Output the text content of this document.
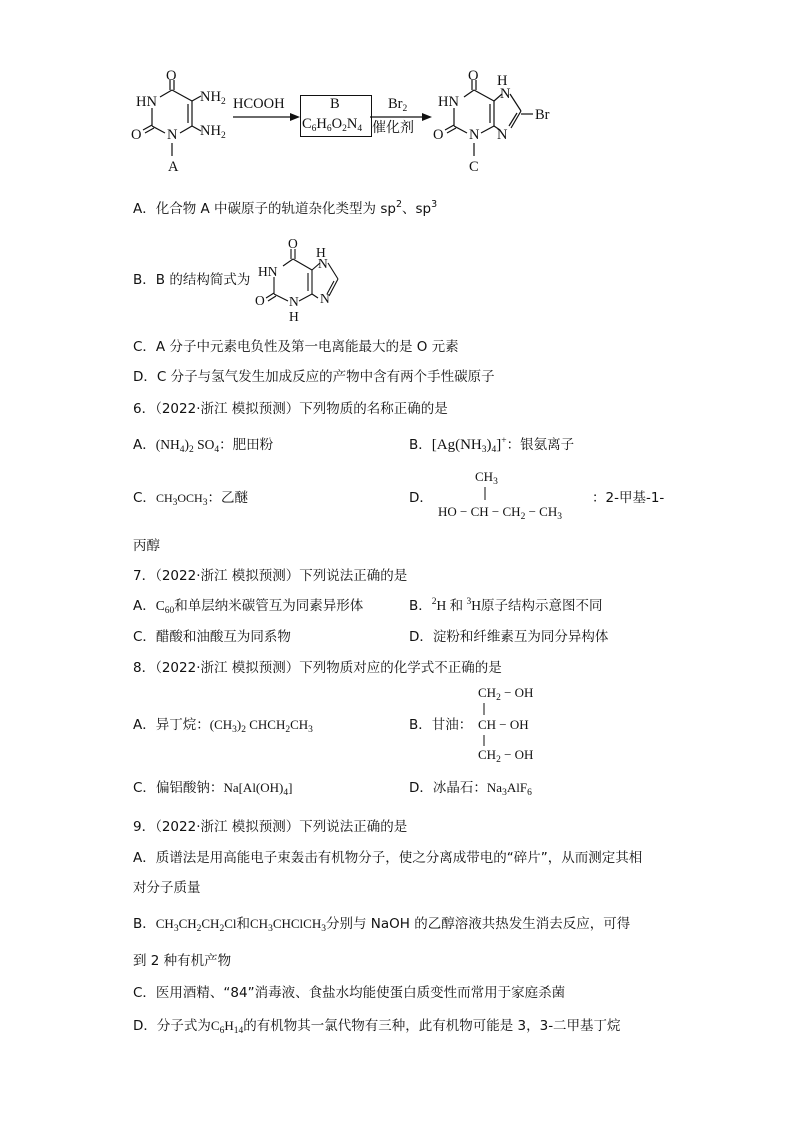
O
HN
O N
$NH_2$
$NH_2$
A
HCOOH	B
$C_6H_6O_2N_4$
$Br_2$
催化剂
O H
N
HN
Br
O N N
C
A．化合物 A 中碳原子的轨道杂化类型为 $sp^2$、$sp^3$
B．B 的结构简式为
O
H
N
HN
O N
H
N
C．A 分子中元素电负性及第一电离能最大的是 O 元素
D．C 分子与氢气发生加成反应的产物中含有两个手性碳原子
6．（2022·浙江 模拟预测）下列物质的名称正确的是
A．$(NH_4)_2$ $SO_4$：肥田粉	B．$[Ag(NH_3)_4]^+$：银氨离子
C．$CH_3OCH_3$：乙醚	D．
$CH_3$
HO − CH − $CH_2 - CH_3$
：2-甲基-1-
丙醇
7．（2022·浙江 模拟预测）下列说法正确的是
A．$C_{60}$和单层纳米碳管互为同素异形体	B．$^2$H 和 $^3$H原子结构示意图不同
C．醋酸和油酸互为同系物	D．淀粉和纤维素互为同分异构体
8．（2022·浙江 模拟预测）下列物质对应的化学式不正确的是
A．异丁烷：$(CH_3)_2$ $CHCH_2CH_3$	B．甘油：
$CH_2$ − OH
CH − OH
$CH_2$ − OH
C．偏铝酸钠：$Na[Al(OH)_4]$	D．冰晶石：$Na_3AlF_6$
9．（2022·浙江 模拟预测）下列说法正确的是
A．质谱法是用高能电子束轰击有机物分子，使之分离成带电的“碎片”，从而测定其相
对分子质量
B．$CH_3CH_2CH_2Cl$和$CH_3CHClCH_3$分别与 NaOH 的乙醇溶液共热发生消去反应，可得
到 2 种有机产物
C．医用酒精、“84”消毒液、食盐水均能使蛋白质变性而常用于家庭杀菌
D．分子式为$C_6H_{14}$的有机物其一氯代物有三种，此有机物可能是 3，3-二甲基丁烷
